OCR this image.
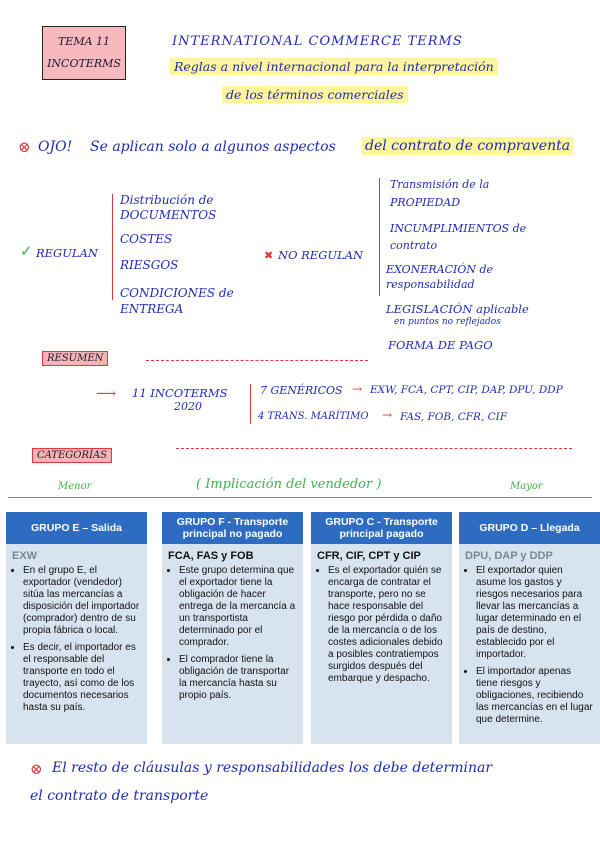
TEMA 11
INCOTERMS
INTERNATIONAL COMMERCE TERMS
Reglas a nivel internacional para la interpretación
de los términos comerciales
⊗ OJO! Se aplican solo a algunos aspectos del contrato de compraventa
✓ REGULAN
Distribución de DOCUMENTOS
COSTES
RIESGOS
CONDICIONES de ENTREGA
✖ NO REGULAN
Transmisión de la PROPIEDAD
INCUMPLIMIENTOS de contrato
EXONERACIÓN de responsabilidad
LEGISLACIÓN aplicable
en puntos no reflejados
FORMA DE PAGO
RESUMEN
⟶ 11 INCOTERMS
2020
7 GENÉRICOS → EXW, FCA, CPT, CIP, DAP, DPU, DDP
4 TRANS. MARÍTIMO → FAS, FOB, CFR, CIF
CATEGORÍAS
Menor	( Implicación del vendedor )	Mayor
GRUPO E – Salida
EXW
• En el grupo E, el exportador (vendedor) sitúa las mercancías a disposición del importador (comprador) dentro de su propia fábrica o local.
• Es decir, el importador es el responsable del transporte en todo el trayecto, así como de los documentos necesarios hasta su país.
GRUPO F - Transporte principal no pagado
FCA, FAS y FOB
• Este grupo determina que el exportador tiene la obligación de hacer entrega de la mercancía a un transportista determinado por el comprador.
• El comprador tiene la obligación de transportar la mercancía hasta su propio país.
GRUPO C - Transporte principal pagado
CFR, CIF, CPT y CIP
• Es el exportador quién se encarga de contratar el transporte, pero no se hace responsable del riesgo por pérdida o daño de la mercancía o de los costes adicionales debido a posibles contratiempos surgidos después del embarque y despacho.
GRUPO D – Llegada
DPU, DAP y DDP
• El exportador quien asume los gastos y riesgos necesarios para llevar las mercancías a lugar determinado en el país de destino, establecido por el importador.
• El importador apenas tiene riesgos y obligaciones, recibiendo las mercancías en el lugar que determine.
⊗ El resto de cláusulas y responsabilidades los debe determinar
el contrato de transporte
